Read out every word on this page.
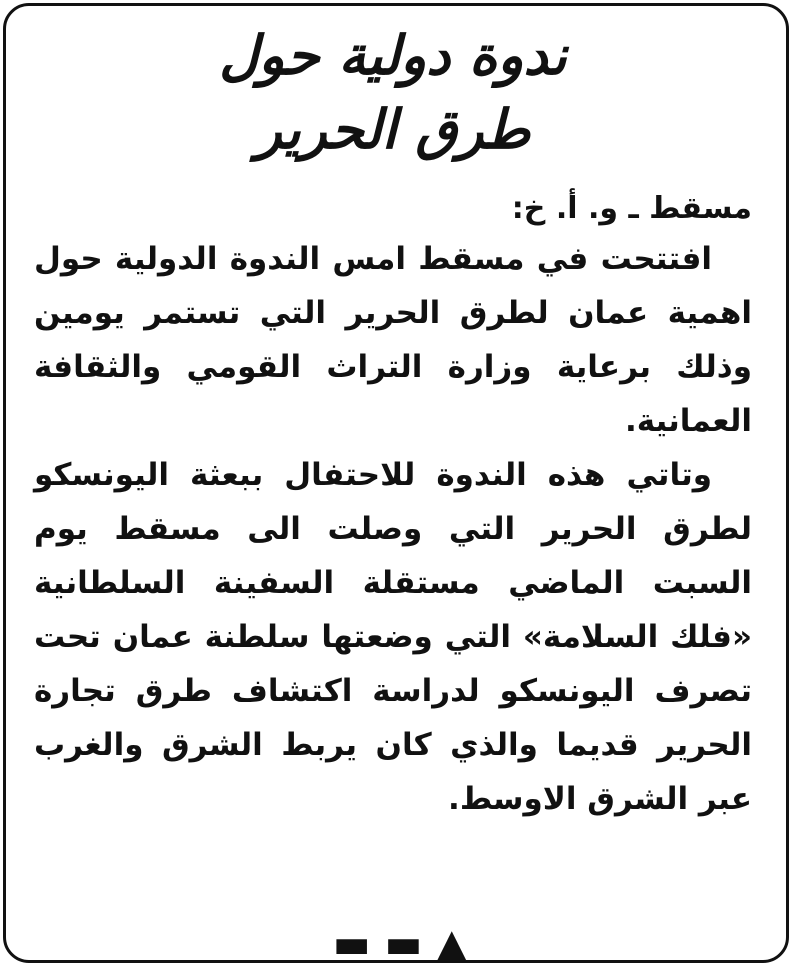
ندوة دولية حول
طرق الحرير

مسقط ـ و. أ. خ:

افتتحت في مسقط امس الندوة الدولية حول اهمية عمان لطرق الحرير التي تستمر يومين وذلك برعاية وزارة التراث القومي والثقافة العمانية.

وتاتي هذه الندوة للاحتفال ببعثة اليونسكو لطرق الحرير التي وصلت الى مسقط يوم السبت الماضي مستقلة السفينة السلطانية «فلك السلامة» التي وضعتها سلطنة عمان تحت تصرف اليونسكو لدراسة اكتشاف طرق تجارة الحرير قديما والذي كان يربط الشرق والغرب عبر الشرق الاوسط.

▲ ▬ ▬
